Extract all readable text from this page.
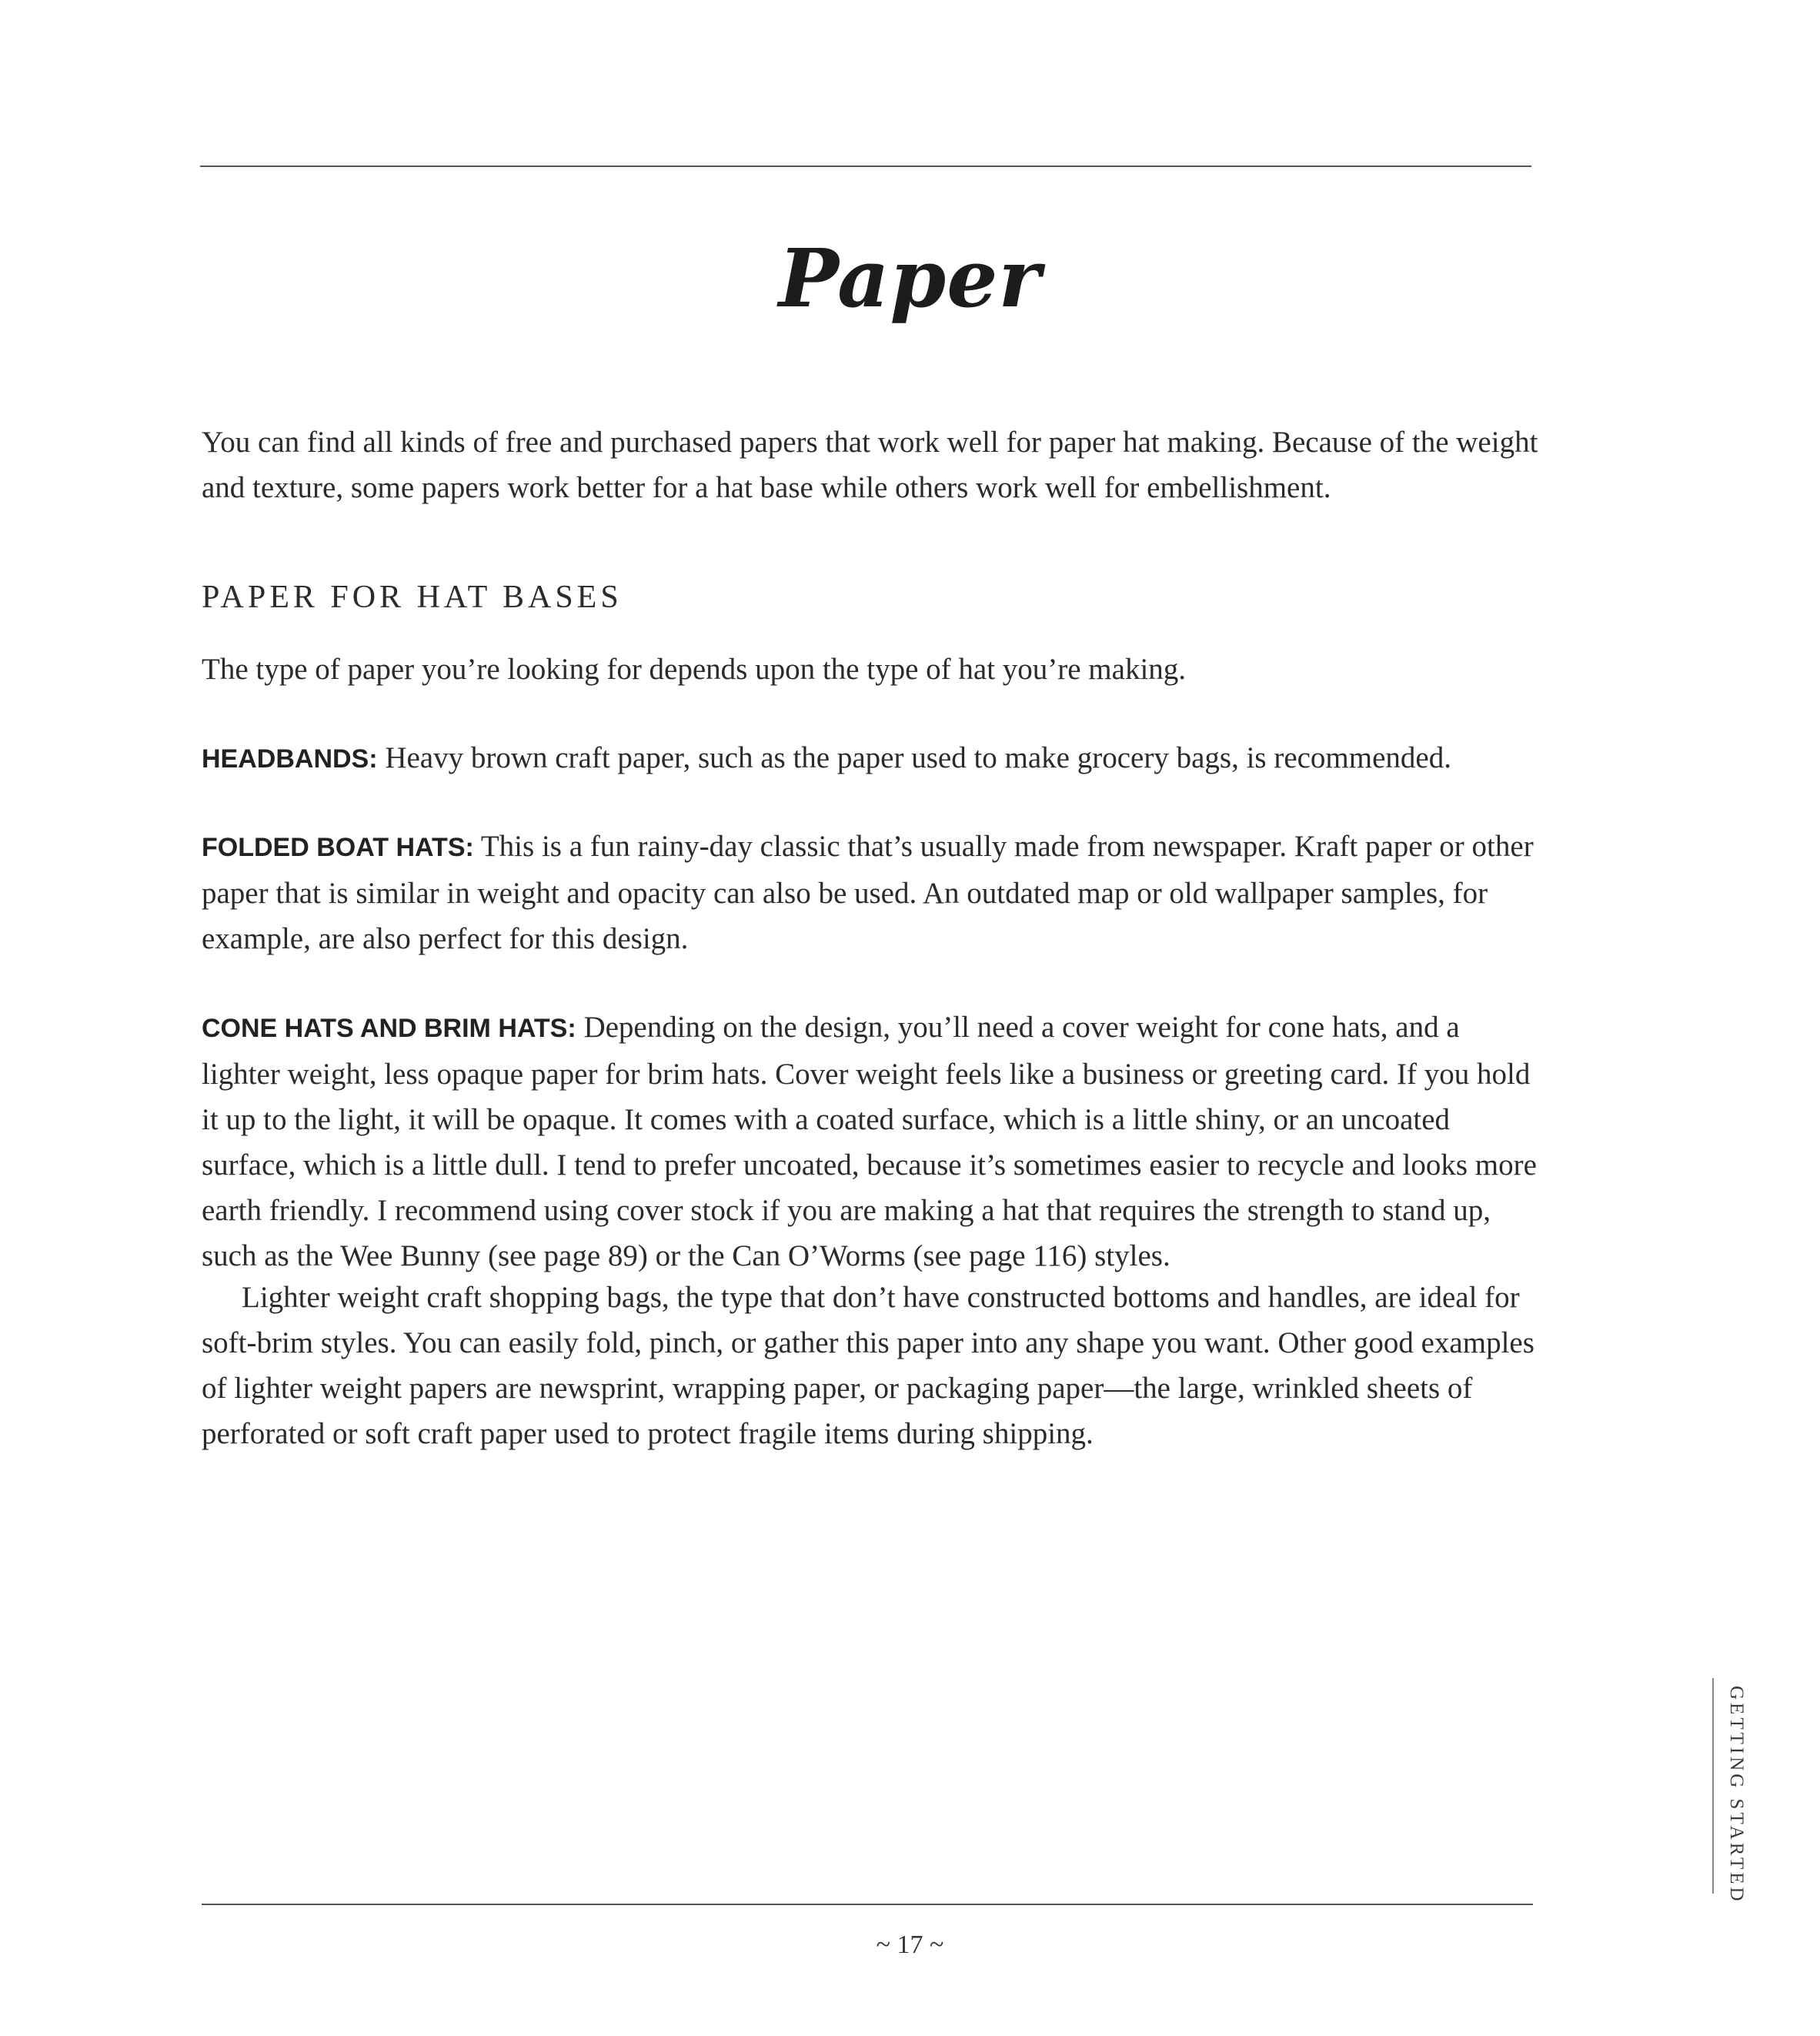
Paper

You can find all kinds of free and purchased papers that work well for paper hat making. Because of the weight and texture, some papers work better for a hat base while others work well for embellishment.

PAPER FOR HAT BASES

The type of paper you’re looking for depends upon the type of hat you’re making.

HEADBANDS: Heavy brown craft paper, such as the paper used to make grocery bags, is recommended.

FOLDED BOAT HATS: This is a fun rainy-day classic that’s usually made from newspaper. Kraft paper or other paper that is similar in weight and opacity can also be used. An outdated map or old wallpaper samples, for example, are also perfect for this design.

CONE HATS AND BRIM HATS: Depending on the design, you’ll need a cover weight for cone hats, and a lighter weight, less opaque paper for brim hats. Cover weight feels like a business or greeting card. If you hold it up to the light, it will be opaque. It comes with a coated surface, which is a little shiny, or an uncoated surface, which is a little dull. I tend to prefer uncoated, because it’s sometimes easier to recycle and looks more earth friendly. I recommend using cover stock if you are making a hat that requires the strength to stand up, such as the Wee Bunny (see page 89) or the Can O’Worms (see page 116) styles.

Lighter weight craft shopping bags, the type that don’t have constructed bottoms and handles, are ideal for soft-brim styles. You can easily fold, pinch, or gather this paper into any shape you want. Other good examples of lighter weight papers are newsprint, wrapping paper, or packaging paper—the large, wrinkled sheets of perforated or soft craft paper used to protect fragile items during shipping.

GETTING STARTED

~ 17 ~
